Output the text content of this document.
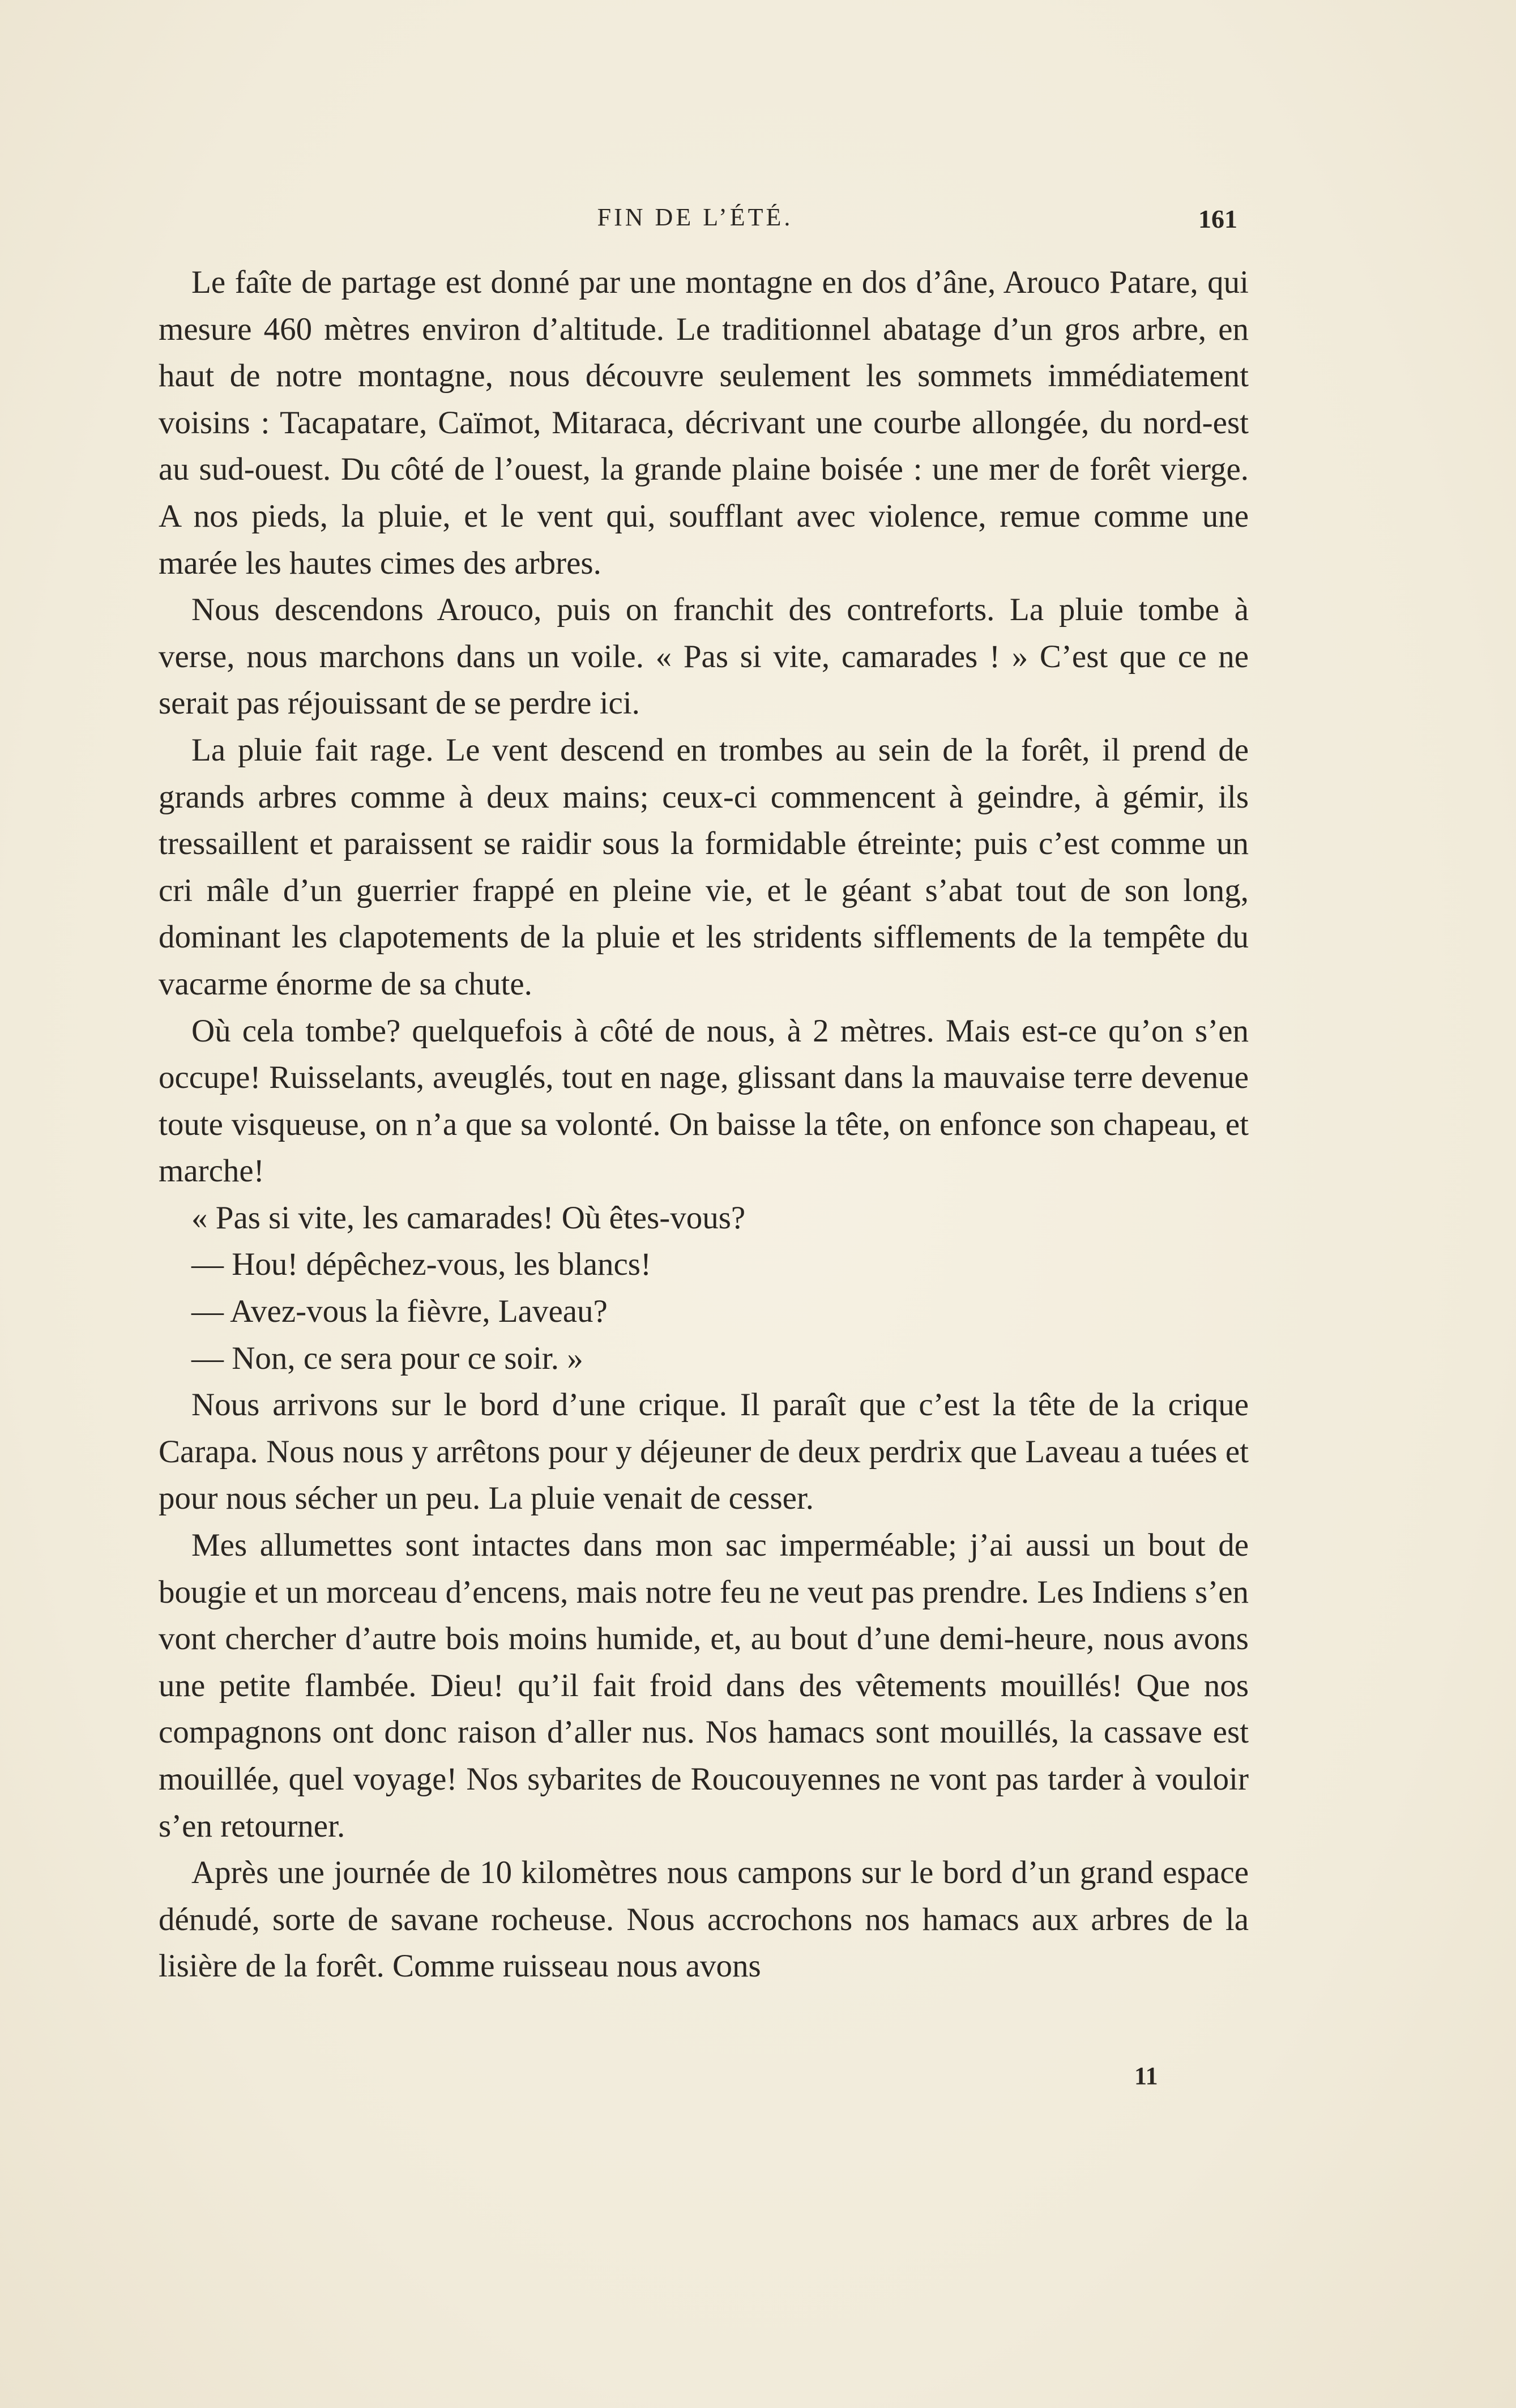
FIN DE L’ÉTÉ.	161

Le faîte de partage est donné par une montagne en dos d’âne, Arouco Patare, qui mesure 460 mètres environ d’altitude. Le traditionnel abatage d’un gros arbre, en haut de notre montagne, nous découvre seulement les sommets immédiatement voisins : Tacapatare, Caïmot, Mitaraca, décrivant une courbe allongée, du nord-est au sud-ouest. Du côté de l’ouest, la grande plaine boisée : une mer de forêt vierge. A nos pieds, la pluie, et le vent qui, soufflant avec violence, remue comme une marée les hautes cimes des arbres.

Nous descendons Arouco, puis on franchit des contreforts. La pluie tombe à verse, nous marchons dans un voile. « Pas si vite, camarades ! » C’est que ce ne serait pas réjouissant de se perdre ici.

La pluie fait rage. Le vent descend en trombes au sein de la forêt, il prend de grands arbres comme à deux mains; ceux-ci commencent à geindre, à gémir, ils tressaillent et paraissent se raidir sous la formidable étreinte; puis c’est comme un cri mâle d’un guerrier frappé en pleine vie, et le géant s’abat tout de son long, dominant les clapotements de la pluie et les stridents sifflements de la tempête du vacarme énorme de sa chute.

Où cela tombe? quelquefois à côté de nous, à 2 mètres. Mais est-ce qu’on s’en occupe! Ruisselants, aveuglés, tout en nage, glissant dans la mauvaise terre devenue toute visqueuse, on n’a que sa volonté. On baisse la tête, on enfonce son chapeau, et marche!

« Pas si vite, les camarades! Où êtes-vous?

— Hou! dépêchez-vous, les blancs!

— Avez-vous la fièvre, Laveau?

— Non, ce sera pour ce soir. »

Nous arrivons sur le bord d’une crique. Il paraît que c’est la tête de la crique Carapa. Nous nous y arrêtons pour y déjeuner de deux perdrix que Laveau a tuées et pour nous sécher un peu. La pluie venait de cesser.

Mes allumettes sont intactes dans mon sac imperméable; j’ai aussi un bout de bougie et un morceau d’encens, mais notre feu ne veut pas prendre. Les Indiens s’en vont chercher d’autre bois moins humide, et, au bout d’une demi-heure, nous avons une petite flambée. Dieu! qu’il fait froid dans des vêtements mouillés! Que nos compagnons ont donc raison d’aller nus. Nos hamacs sont mouillés, la cassave est mouillée, quel voyage! Nos sybarites de Roucouyennes ne vont pas tarder à vouloir s’en retourner.

Après une journée de 10 kilomètres nous campons sur le bord d’un grand espace dénudé, sorte de savane rocheuse. Nous accrochons nos hamacs aux arbres de la lisière de la forêt. Comme ruisseau nous avons

11
